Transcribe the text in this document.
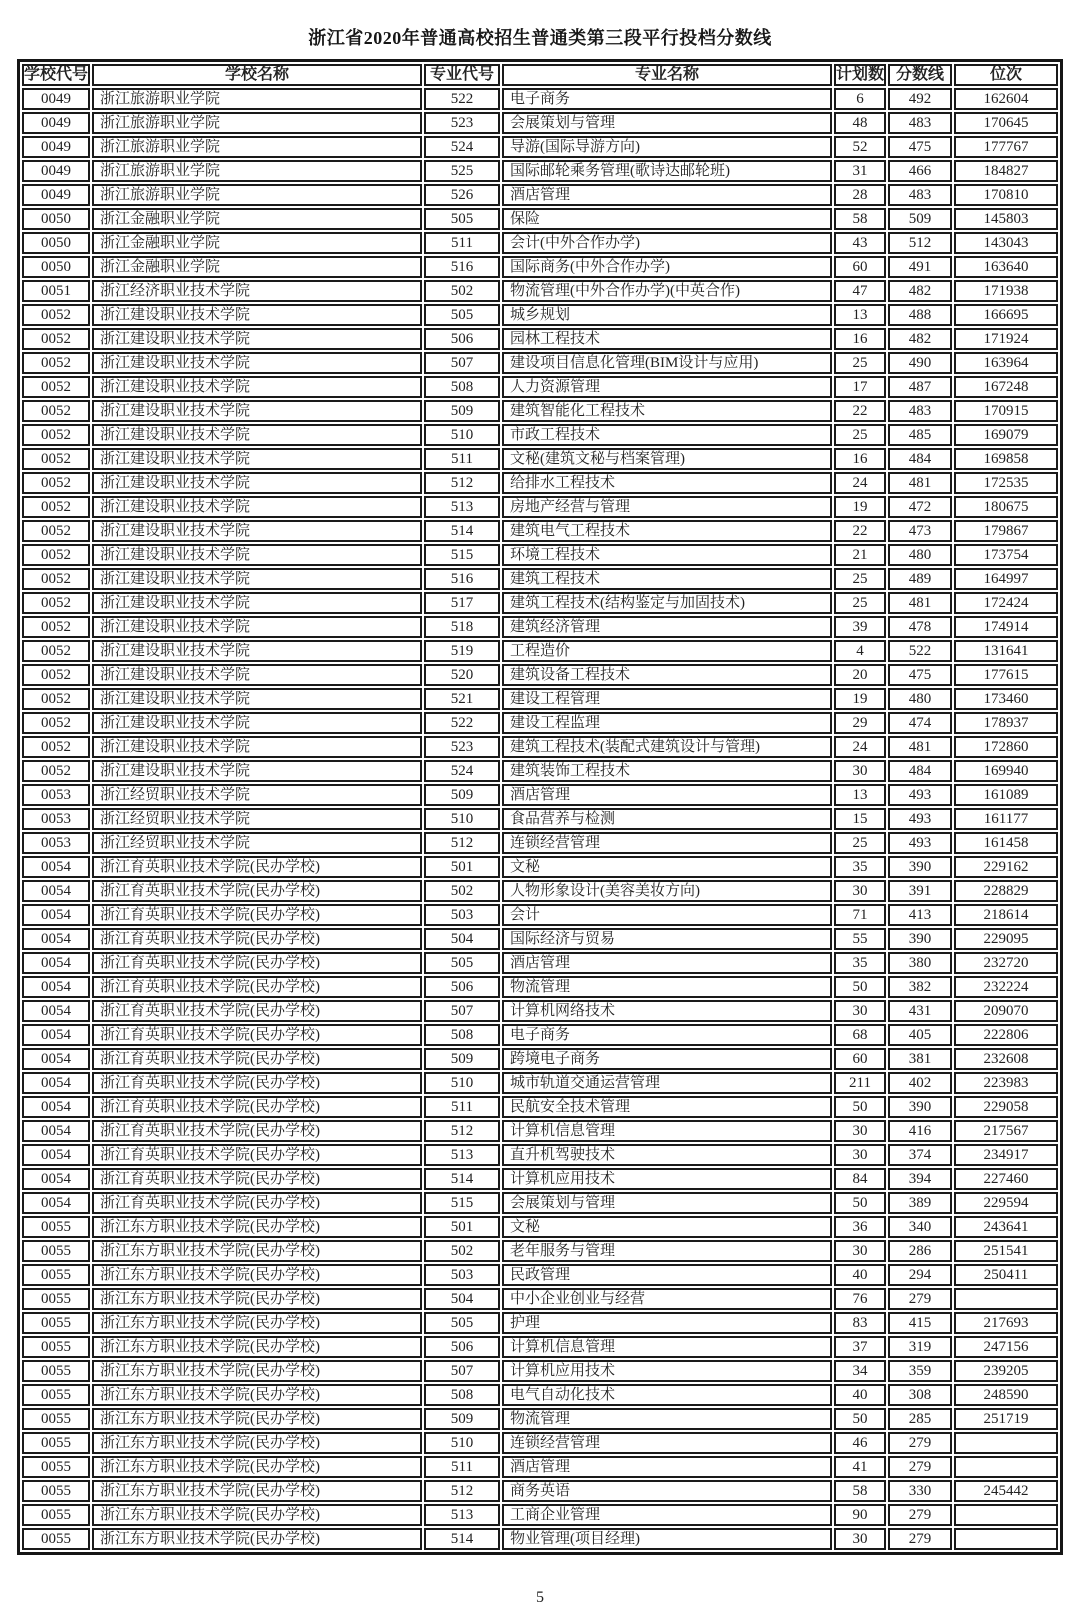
浙江省2020年普通高校招生普通类第三段平行投档分数线
学校代号	学校名称	专业代号	专业名称	计划数	分数线	位次
0049	浙江旅游职业学院	522	电子商务	6	492	162604
0049	浙江旅游职业学院	523	会展策划与管理	48	483	170645
0049	浙江旅游职业学院	524	导游(国际导游方向)	52	475	177767
0049	浙江旅游职业学院	525	国际邮轮乘务管理(歌诗达邮轮班)	31	466	184827
0049	浙江旅游职业学院	526	酒店管理	28	483	170810
0050	浙江金融职业学院	505	保险	58	509	145803
0050	浙江金融职业学院	511	会计(中外合作办学)	43	512	143043
0050	浙江金融职业学院	516	国际商务(中外合作办学)	60	491	163640
0051	浙江经济职业技术学院	502	物流管理(中外合作办学)(中英合作)	47	482	171938
0052	浙江建设职业技术学院	505	城乡规划	13	488	166695
0052	浙江建设职业技术学院	506	园林工程技术	16	482	171924
0052	浙江建设职业技术学院	507	建设项目信息化管理(BIM设计与应用)	25	490	163964
0052	浙江建设职业技术学院	508	人力资源管理	17	487	167248
0052	浙江建设职业技术学院	509	建筑智能化工程技术	22	483	170915
0052	浙江建设职业技术学院	510	市政工程技术	25	485	169079
0052	浙江建设职业技术学院	511	文秘(建筑文秘与档案管理)	16	484	169858
0052	浙江建设职业技术学院	512	给排水工程技术	24	481	172535
0052	浙江建设职业技术学院	513	房地产经营与管理	19	472	180675
0052	浙江建设职业技术学院	514	建筑电气工程技术	22	473	179867
0052	浙江建设职业技术学院	515	环境工程技术	21	480	173754
0052	浙江建设职业技术学院	516	建筑工程技术	25	489	164997
0052	浙江建设职业技术学院	517	建筑工程技术(结构鉴定与加固技术)	25	481	172424
0052	浙江建设职业技术学院	518	建筑经济管理	39	478	174914
0052	浙江建设职业技术学院	519	工程造价	4	522	131641
0052	浙江建设职业技术学院	520	建筑设备工程技术	20	475	177615
0052	浙江建设职业技术学院	521	建设工程管理	19	480	173460
0052	浙江建设职业技术学院	522	建设工程监理	29	474	178937
0052	浙江建设职业技术学院	523	建筑工程技术(装配式建筑设计与管理)	24	481	172860
0052	浙江建设职业技术学院	524	建筑装饰工程技术	30	484	169940
0053	浙江经贸职业技术学院	509	酒店管理	13	493	161089
0053	浙江经贸职业技术学院	510	食品营养与检测	15	493	161177
0053	浙江经贸职业技术学院	512	连锁经营管理	25	493	161458
0054	浙江育英职业技术学院(民办学校)	501	文秘	35	390	229162
0054	浙江育英职业技术学院(民办学校)	502	人物形象设计(美容美妆方向)	30	391	228829
0054	浙江育英职业技术学院(民办学校)	503	会计	71	413	218614
0054	浙江育英职业技术学院(民办学校)	504	国际经济与贸易	55	390	229095
0054	浙江育英职业技术学院(民办学校)	505	酒店管理	35	380	232720
0054	浙江育英职业技术学院(民办学校)	506	物流管理	50	382	232224
0054	浙江育英职业技术学院(民办学校)	507	计算机网络技术	30	431	209070
0054	浙江育英职业技术学院(民办学校)	508	电子商务	68	405	222806
0054	浙江育英职业技术学院(民办学校)	509	跨境电子商务	60	381	232608
0054	浙江育英职业技术学院(民办学校)	510	城市轨道交通运营管理	211	402	223983
0054	浙江育英职业技术学院(民办学校)	511	民航安全技术管理	50	390	229058
0054	浙江育英职业技术学院(民办学校)	512	计算机信息管理	30	416	217567
0054	浙江育英职业技术学院(民办学校)	513	直升机驾驶技术	30	374	234917
0054	浙江育英职业技术学院(民办学校)	514	计算机应用技术	84	394	227460
0054	浙江育英职业技术学院(民办学校)	515	会展策划与管理	50	389	229594
0055	浙江东方职业技术学院(民办学校)	501	文秘	36	340	243641
0055	浙江东方职业技术学院(民办学校)	502	老年服务与管理	30	286	251541
0055	浙江东方职业技术学院(民办学校)	503	民政管理	40	294	250411
0055	浙江东方职业技术学院(民办学校)	504	中小企业创业与经营	76	279	
0055	浙江东方职业技术学院(民办学校)	505	护理	83	415	217693
0055	浙江东方职业技术学院(民办学校)	506	计算机信息管理	37	319	247156
0055	浙江东方职业技术学院(民办学校)	507	计算机应用技术	34	359	239205
0055	浙江东方职业技术学院(民办学校)	508	电气自动化技术	40	308	248590
0055	浙江东方职业技术学院(民办学校)	509	物流管理	50	285	251719
0055	浙江东方职业技术学院(民办学校)	510	连锁经营管理	46	279	
0055	浙江东方职业技术学院(民办学校)	511	酒店管理	41	279	
0055	浙江东方职业技术学院(民办学校)	512	商务英语	58	330	245442
0055	浙江东方职业技术学院(民办学校)	513	工商企业管理	90	279	
0055	浙江东方职业技术学院(民办学校)	514	物业管理(项目经理)	30	279	
5
